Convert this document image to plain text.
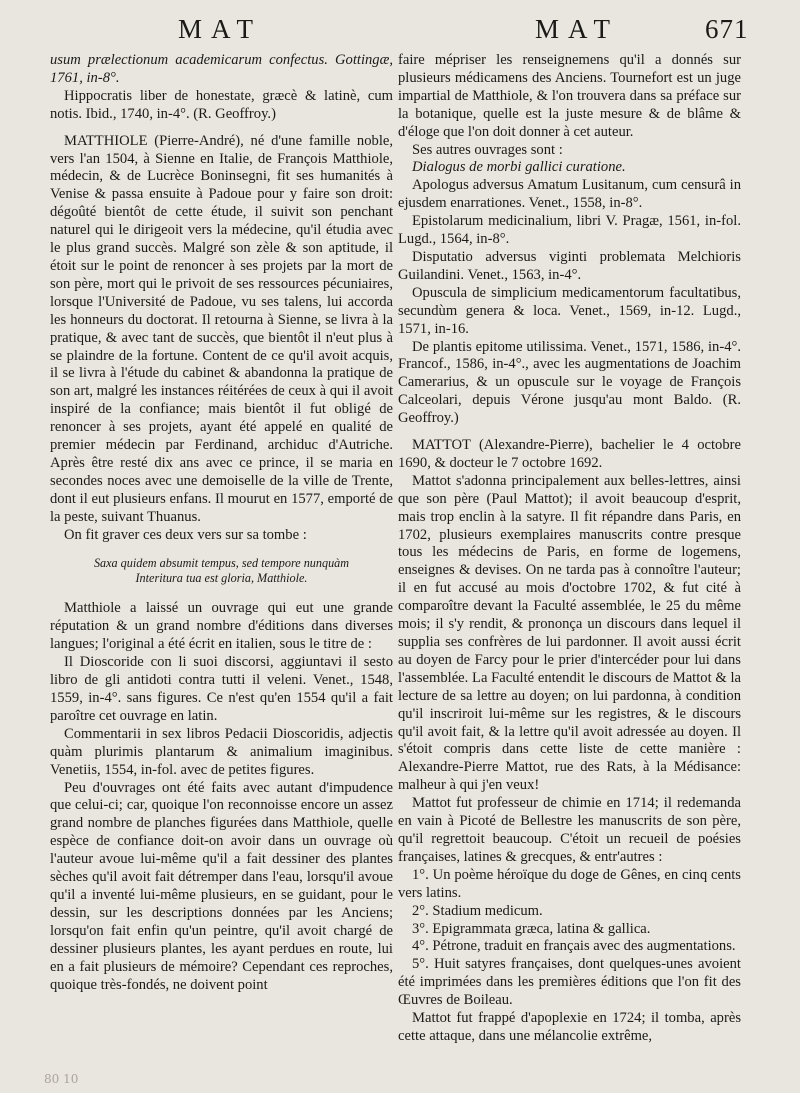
MAT	MAT	671

usum prælectionum academicarum confectus. Gottingæ, 1761, in-8°.

Hippocratis liber de honestate, græcè & latinè, cum notis. Ibid., 1740, in-4°. (R. Geoffroy.)

MATTHIOLE (Pierre-André), né d'une famille noble, vers l'an 1504, à Sienne en Italie, de François Matthiole, médecin, & de Lucrèce Boninsegni, fit ses humanités à Venise & passa ensuite à Padoue pour y faire son droit: dégoûté bientôt de cette étude, il suivit son penchant naturel qui le dirigeoit vers la médecine, qu'il étudia avec le plus grand succès. Malgré son zèle & son aptitude, il étoit sur le point de renoncer à ses projets par la mort de son père, mort qui le privoit de ses ressources pécuniaires, lorsque l'Université de Padoue, vu ses talens, lui accorda les honneurs du doctorat. Il retourna à Sienne, se livra à la pratique, & avec tant de succès, que bientôt il n'eut plus à se plaindre de la fortune. Content de ce qu'il avoit acquis, il se livra à l'étude du cabinet & abandonna la pratique de son art, malgré les instances réitérées de ceux à qui il avoit inspiré de la confiance; mais bientôt il fut obligé de renoncer à ses projets, ayant été appelé en qualité de premier médecin par Ferdinand, archiduc d'Autriche. Après être resté dix ans avec ce prince, il se maria en secondes noces avec une demoiselle de la ville de Trente, dont il eut plusieurs enfans. Il mourut en 1577, emporté de la peste, suivant Thuanus.

On fit graver ces deux vers sur sa tombe :

Saxa quidem absumit tempus, sed tempore nunquàm
Interitura tua est gloria, Matthiole.

Matthiole a laissé un ouvrage qui eut une grande réputation & un grand nombre d'éditions dans diverses langues; l'original a été écrit en italien, sous le titre de :

Il Dioscoride con li suoi discorsi, aggiuntavi il sesto libro de gli antidoti contra tutti il veleni. Venet., 1548, 1559, in-4°. sans figures. Ce n'est qu'en 1554 qu'il a fait paroître cet ouvrage en latin.

Commentarii in sex libros Pedacii Dioscoridis, adjectis quàm plurimis plantarum & animalium imaginibus. Venetiis, 1554, in-fol. avec de petites figures.

Peu d'ouvrages ont été faits avec autant d'impudence que celui-ci; car, quoique l'on reconnoisse encore un assez grand nombre de planches figurées dans Matthiole, quelle espèce de confiance doit-on avoir dans un ouvrage où l'auteur avoue lui-même qu'il a fait dessiner des plantes sèches qu'il avoit fait détremper dans l'eau, lorsqu'il avoue qu'il a inventé lui-même plusieurs, en se guidant, pour le dessin, sur les descriptions données par les Anciens; lorsqu'on fait enfin qu'un peintre, qu'il avoit chargé de dessiner plusieurs plantes, les ayant perdues en route, lui en a fait plusieurs de mémoire? Cependant ces reproches, quoique très-fondés, ne doivent point

faire mépriser les renseignemens qu'il a donnés sur plusieurs médicamens des Anciens. Tournefort est un juge impartial de Matthiole, & l'on trouvera dans sa préface sur la botanique, quelle est la juste mesure & de blâme & d'éloge que l'on doit donner à cet auteur.

Ses autres ouvrages sont :

Dialogus de morbi gallici curatione.

Apologus adversus Amatum Lusitanum, cum censurâ in ejusdem enarrationes. Venet., 1558, in-8°.

Epistolarum medicinalium, libri V. Pragæ, 1561, in-fol. Lugd., 1564, in-8°.

Disputatio adversus viginti problemata Melchioris Guilandini. Venet., 1563, in-4°.

Opuscula de simplicium medicamentorum facultatibus, secundùm genera & loca. Venet., 1569, in-12. Lugd., 1571, in-16.

De plantis epitome utilissima. Venet., 1571, 1586, in-4°. Francof., 1586, in-4°., avec les augmentations de Joachim Camerarius, & un opuscule sur le voyage de François Calceolari, depuis Vérone jusqu'au mont Baldo. (R. Geoffroy.)

MATTOT (Alexandre-Pierre), bachelier le 4 octobre 1690, & docteur le 7 octobre 1692.

Mattot s'adonna principalement aux belles-lettres, ainsi que son père (Paul Mattot); il avoit beaucoup d'esprit, mais trop enclin à la satyre. Il fit répandre dans Paris, en 1702, plusieurs exemplaires manuscrits contre presque tous les médecins de Paris, en forme de logemens, enseignes & devises. On ne tarda pas à connoître l'auteur; il en fut accusé au mois d'octobre 1702, & fut cité à comparoître devant la Faculté assemblée, le 25 du même mois; il s'y rendit, & prononça un discours dans lequel il supplia ses confrères de lui pardonner. Il avoit aussi écrit au doyen de Farcy pour le prier d'intercéder pour lui dans l'assemblée. La Faculté entendit le discours de Mattot & la lecture de sa lettre au doyen; on lui pardonna, à condition qu'il inscriroit lui-même sur les registres, & le discours qu'il avoit fait, & la lettre qu'il avoit adressée au doyen. Il s'étoit compris dans cette liste de cette manière : Alexandre-Pierre Mattot, rue des Rats, à la Médisance: malheur à qui j'en veux!

Mattot fut professeur de chimie en 1714; il redemanda en vain à Picoté de Bellestre les manuscrits de son père, qu'il regrettoit beaucoup. C'étoit un recueil de poésies françaises, latines & grecques, & entr'autres :

1°. Un poème héroïque du doge de Gênes, en cinq cents vers latins.

2°. Stadium medicum.

3°. Epigrammata græca, latina & gallica.

4°. Pétrone, traduit en français avec des augmentations.

5°. Huit satyres françaises, dont quelques-unes avoient été imprimées dans les premières éditions que l'on fit des Œuvres de Boileau.

Mattot fut frappé d'apoplexie en 1724; il tomba, après cette attaque, dans une mélancolie extrême,

80 10
